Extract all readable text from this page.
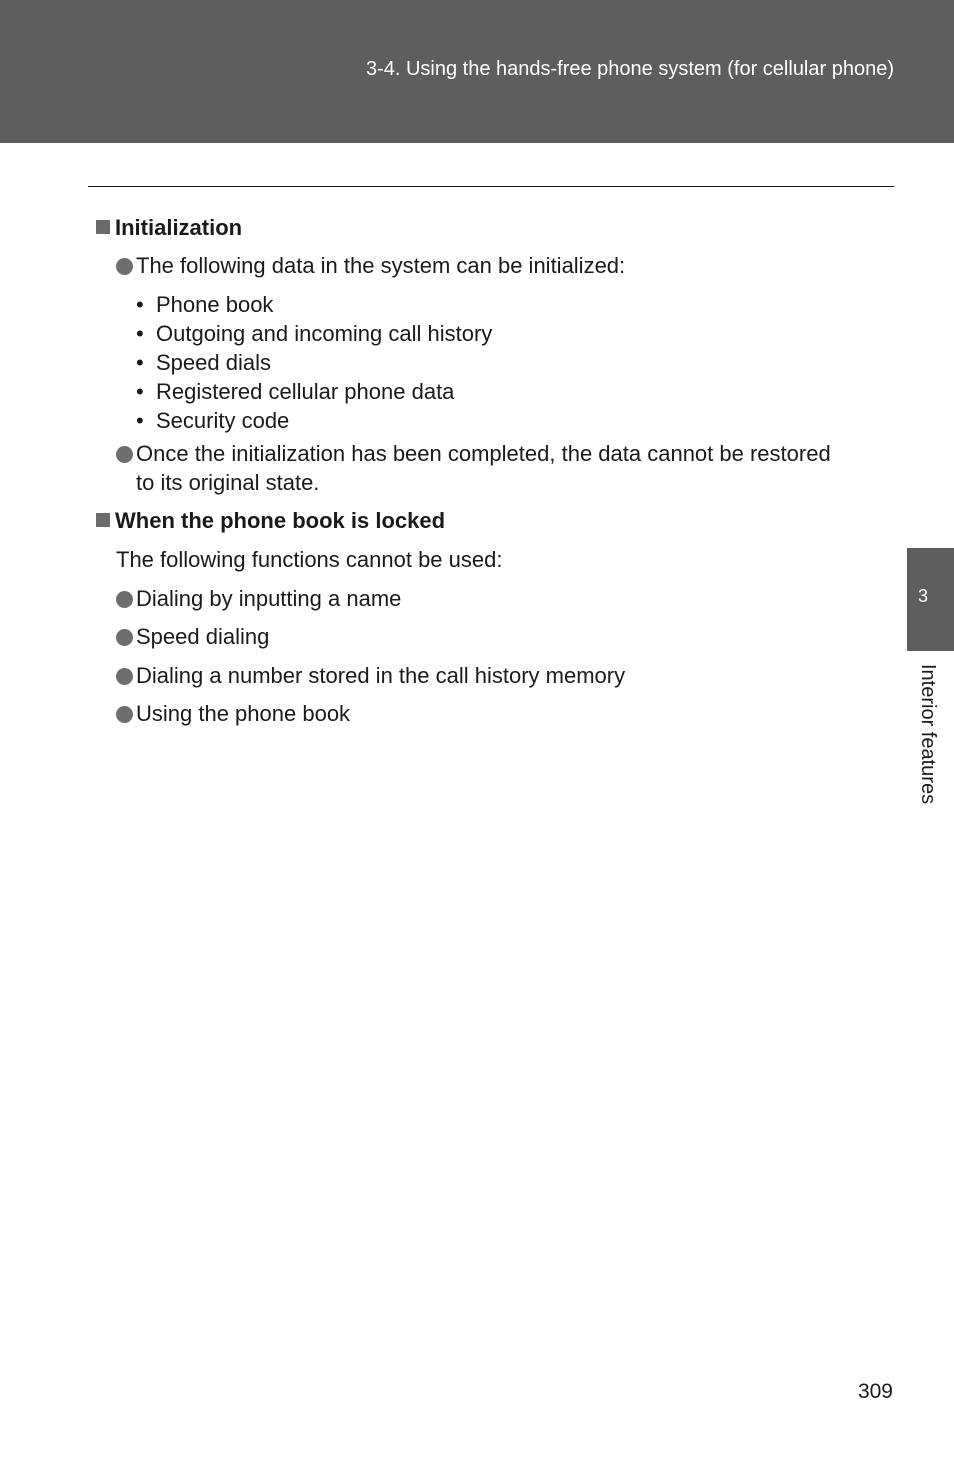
3-4. Using the hands-free phone system (for cellular phone)
Initialization
The following data in the system can be initialized:
• Phone book
• Outgoing and incoming call history
• Speed dials
• Registered cellular phone data
• Security code
Once the initialization has been completed, the data cannot be restored
to its original state.
When the phone book is locked
The following functions cannot be used:
Dialing by inputting a name
Speed dialing
Dialing a number stored in the call history memory
Using the phone book
3
Interior features
309
